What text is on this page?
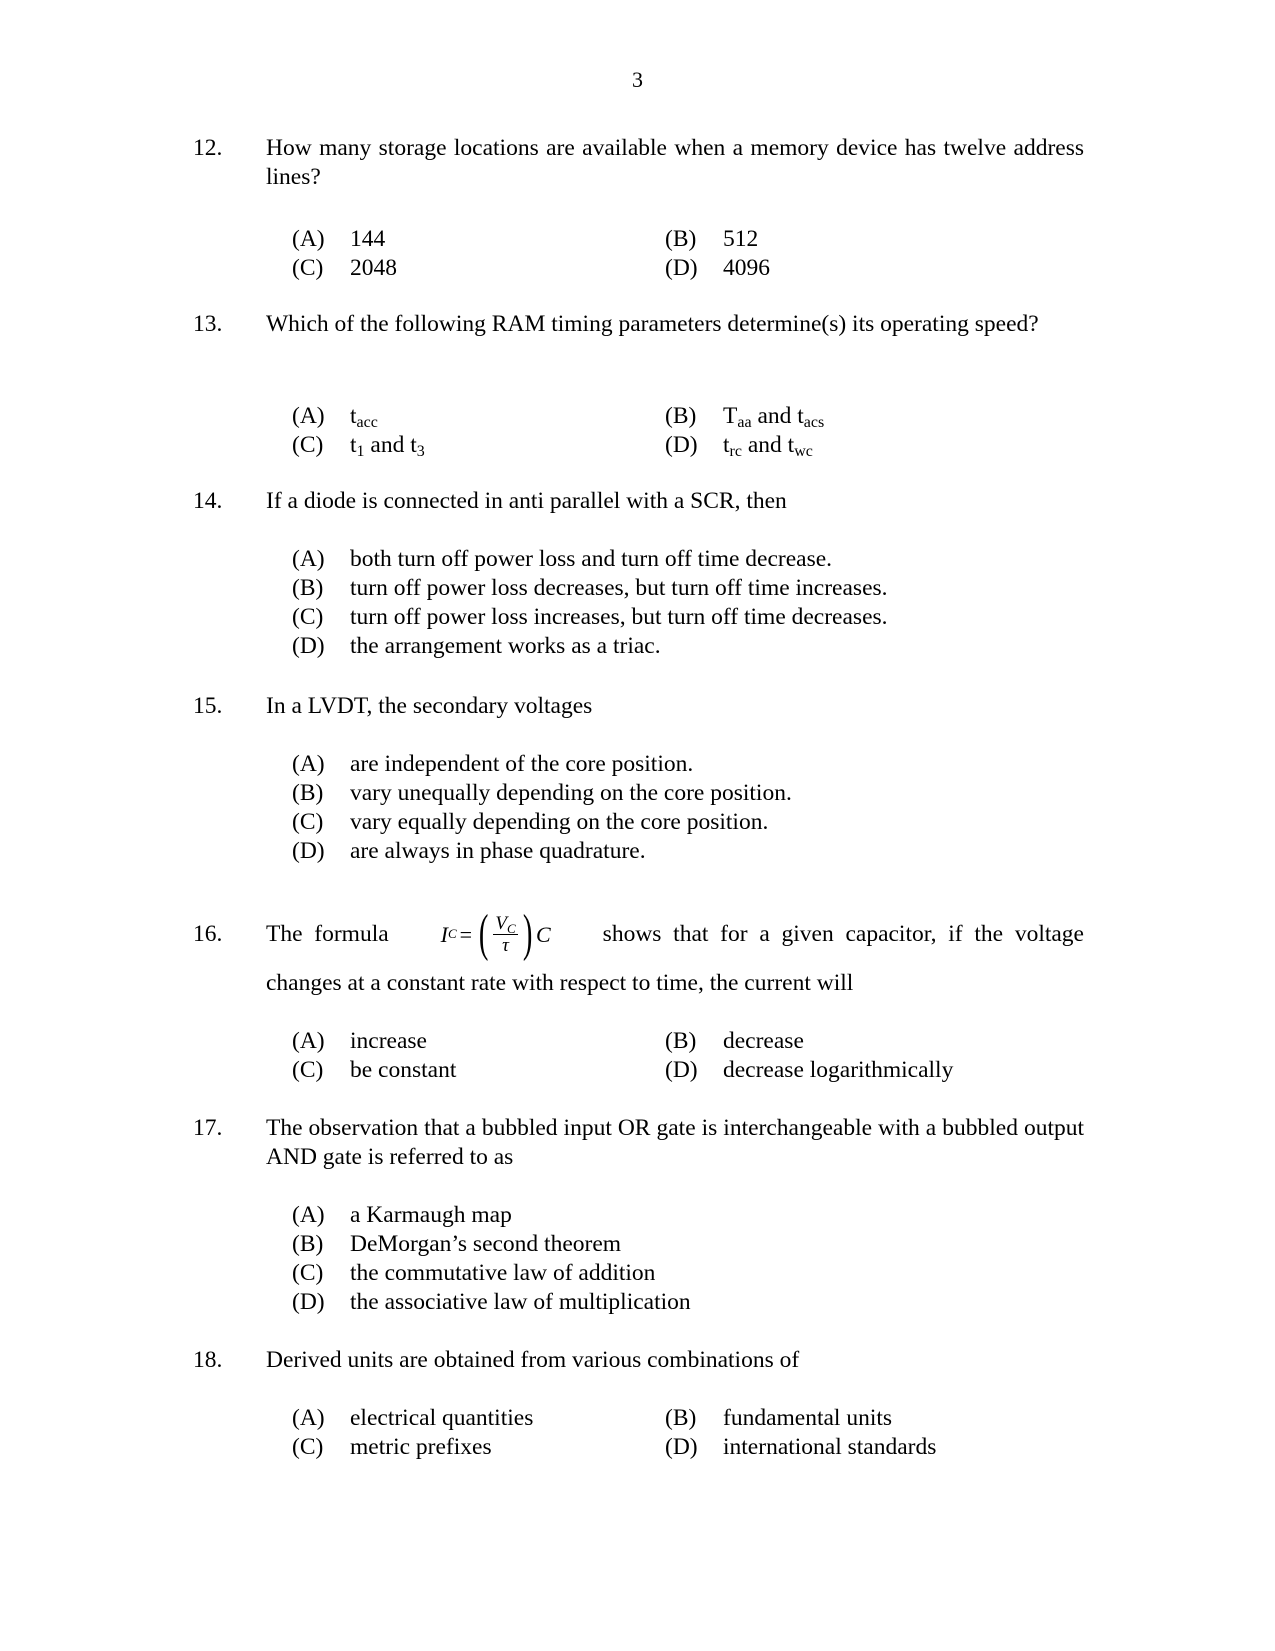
3
12. How many storage locations are available when a memory device has twelve address lines?
(A) 144	(B) 512
(C) 2048	(D) 4096
13. Which of the following RAM timing parameters determine(s) its operating speed?
(A) $t_{acc}$	(B) $T_{aa}$ and $t_{acs}$
(C) $t_1$ and $t_3$	(D) $t_{rc}$ and $t_{wc}$
14. If a diode is connected in anti parallel with a SCR, then
(A) both turn off power loss and turn off time decrease.
(B) turn off power loss decreases, but turn off time increases.
(C) turn off power loss increases, but turn off time decreases.
(D) the arrangement works as a triac.
15. In a LVDT, the secondary voltages
(A) are independent of the core position.
(B) vary unequally depending on the core position.
(C) vary equally depending on the core position.
(D) are always in phase quadrature.
16. The  formula I C = ( $\frac{V_C}{\tau}$ ) C shows  that  for  a  given  capacitor,  if  the  voltage
changes at a constant rate with respect to time, the current will
(A) increase	(B) decrease
(C) be constant	(D) decrease logarithmically
17. The observation that a bubbled input OR gate is interchangeable with a bubbled output AND gate is referred to as
(A) a Karmaugh map
(B) DeMorgan’s second theorem
(C) the commutative law of addition
(D) the associative law of multiplication
18. Derived units are obtained from various combinations of
(A) electrical quantities	(B) fundamental units
(C) metric prefixes	(D) international standards
